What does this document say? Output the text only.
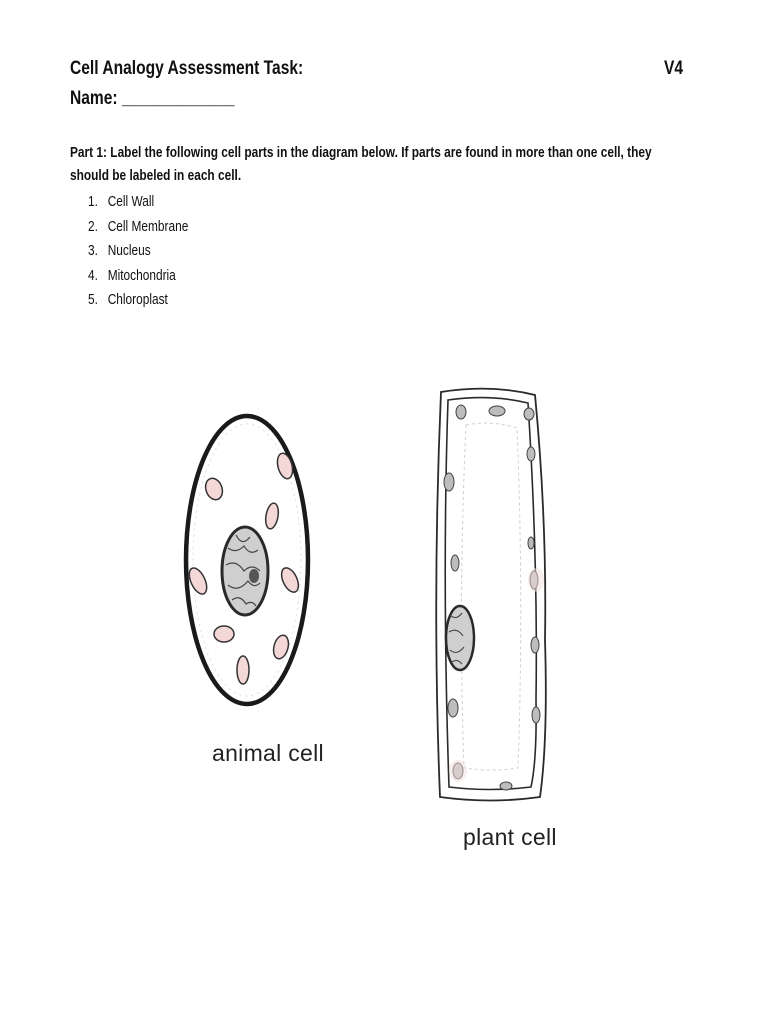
Cell Analogy Assessment Task:	V4
Name: _____________
Part 1: Label the following cell parts in the diagram below. If parts are found in more than one cell, they should be labeled in each cell.
1. Cell Wall
2. Cell Membrane
3. Nucleus
4. Mitochondria
5. Chloroplast
animal cell
plant cell
